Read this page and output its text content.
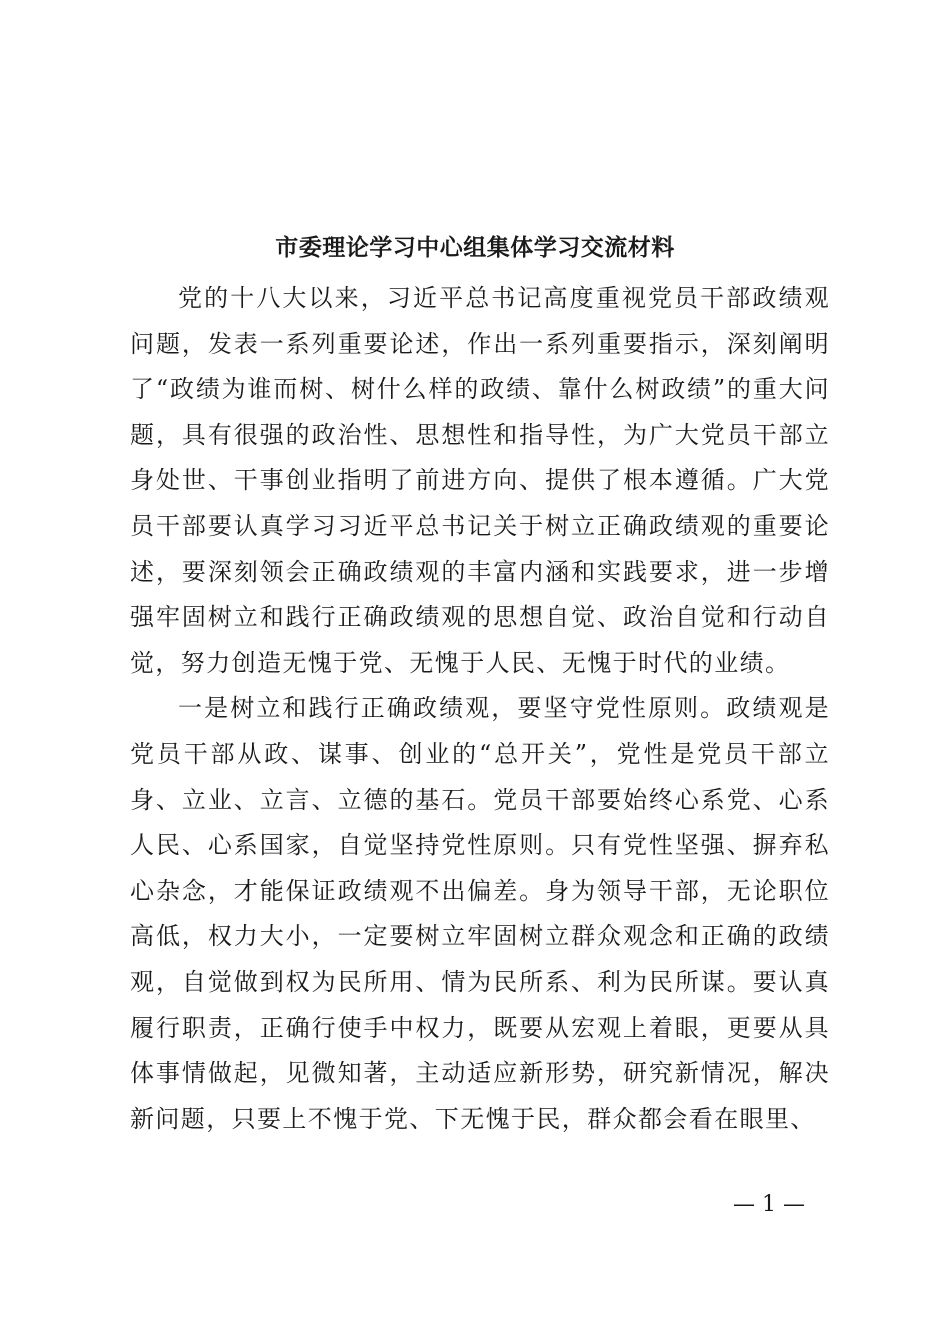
市委理论学习中心组集体学习交流材料

党的十八大以来，习近平总书记高度重视党员干部政绩观问题，发表一系列重要论述，作出一系列重要指示，深刻阐明了“政绩为谁而树、树什么样的政绩、靠什么树政绩”的重大问题，具有很强的政治性、思想性和指导性，为广大党员干部立身处世、干事创业指明了前进方向、提供了根本遵循。广大党员干部要认真学习习近平总书记关于树立正确政绩观的重要论述，要深刻领会正确政绩观的丰富内涵和实践要求，进一步增强牢固树立和践行正确政绩观的思想自觉、政治自觉和行动自觉，努力创造无愧于党、无愧于人民、无愧于时代的业绩。

一是树立和践行正确政绩观，要坚守党性原则。政绩观是党员干部从政、谋事、创业的“总开关”，党性是党员干部立身、立业、立言、立德的基石。党员干部要始终心系党、心系人民、心系国家，自觉坚持党性原则。只有党性坚强、摒弃私心杂念，才能保证政绩观不出偏差。身为领导干部，无论职位高低，权力大小，一定要树立牢固树立群众观念和正确的政绩观，自觉做到权为民所用、情为民所系、利为民所谋。要认真履行职责，正确行使手中权力，既要从宏观上着眼，更要从具体事情做起，见微知著，主动适应新形势，研究新情况，解决新问题，只要上不愧于党、下无愧于民，群众都会看在眼里、

— 1 —
